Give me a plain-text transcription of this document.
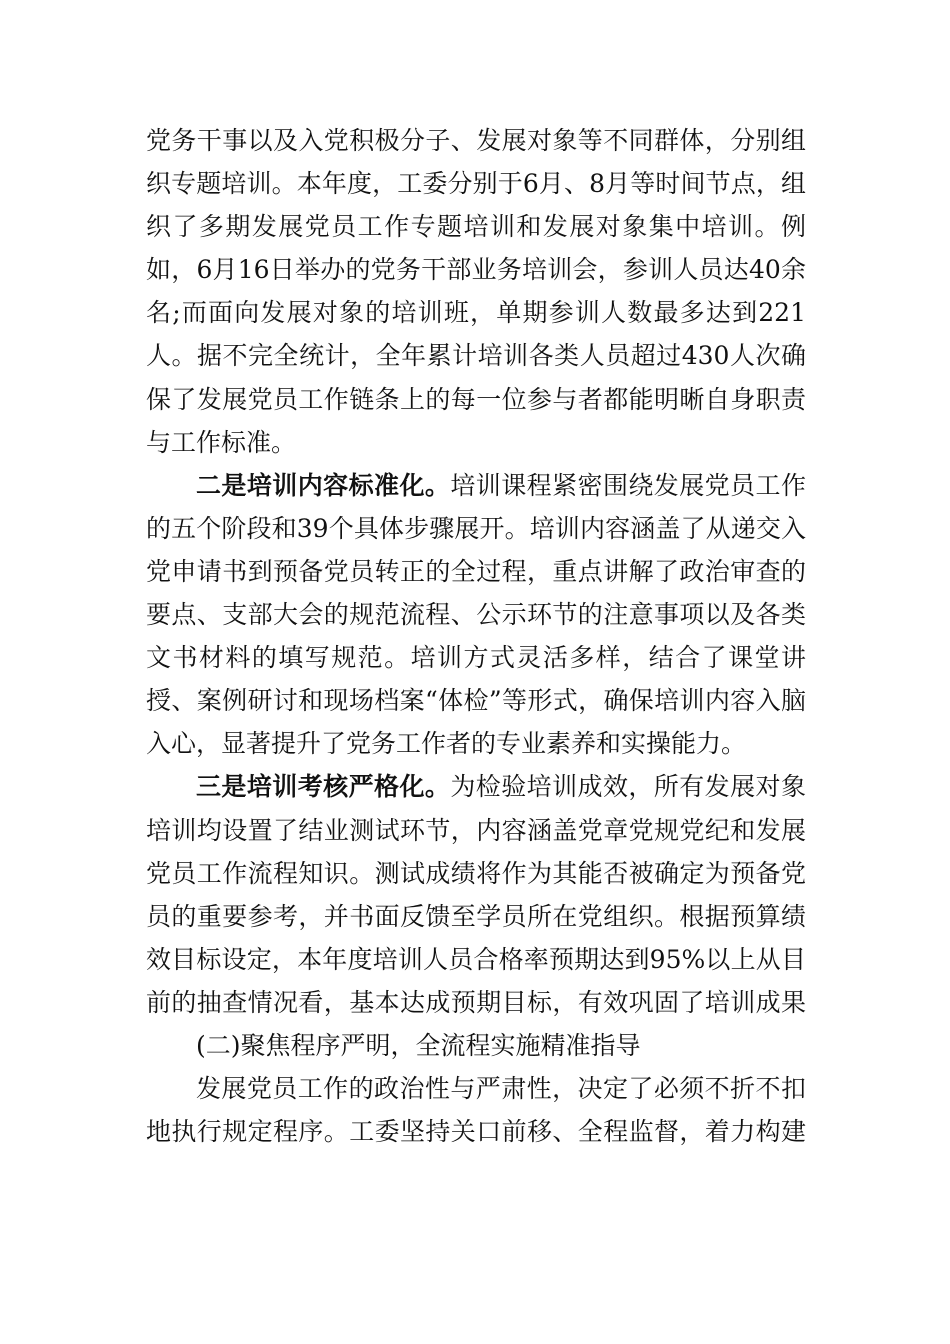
党务干事以及入党积极分子、发展对象等不同群体，分别组织专题培训。本年度，工委分别于6月、8月等时间节点，组织了多期发展党员工作专题培训和发展对象集中培训。例如，6月16日举办的党务干部业务培训会，参训人员达40余名;而面向发展对象的培训班，单期参训人数最多达到221人。据不完全统计，全年累计培训各类人员超过430人次确保了发展党员工作链条上的每一位参与者都能明晰自身职责与工作标准。

二是培训内容标准化。培训课程紧密围绕发展党员工作的五个阶段和39个具体步骤展开。培训内容涵盖了从递交入党申请书到预备党员转正的全过程，重点讲解了政治审查的要点、支部大会的规范流程、公示环节的注意事项以及各类文书材料的填写规范。培训方式灵活多样，结合了课堂讲授、案例研讨和现场档案“体检”等形式，确保培训内容入脑入心，显著提升了党务工作者的专业素养和实操能力。

三是培训考核严格化。为检验培训成效，所有发展对象培训均设置了结业测试环节，内容涵盖党章党规党纪和发展党员工作流程知识。测试成绩将作为其能否被确定为预备党员的重要参考，并书面反馈至学员所在党组织。根据预算绩效目标设定，本年度培训人员合格率预期达到95%以上从目前的抽查情况看，基本达成预期目标，有效巩固了培训成果

(二)聚焦程序严明，全流程实施精准指导

发展党员工作的政治性与严肃性，决定了必须不折不扣地执行规定程序。工委坚持关口前移、全程监督，着力构建
